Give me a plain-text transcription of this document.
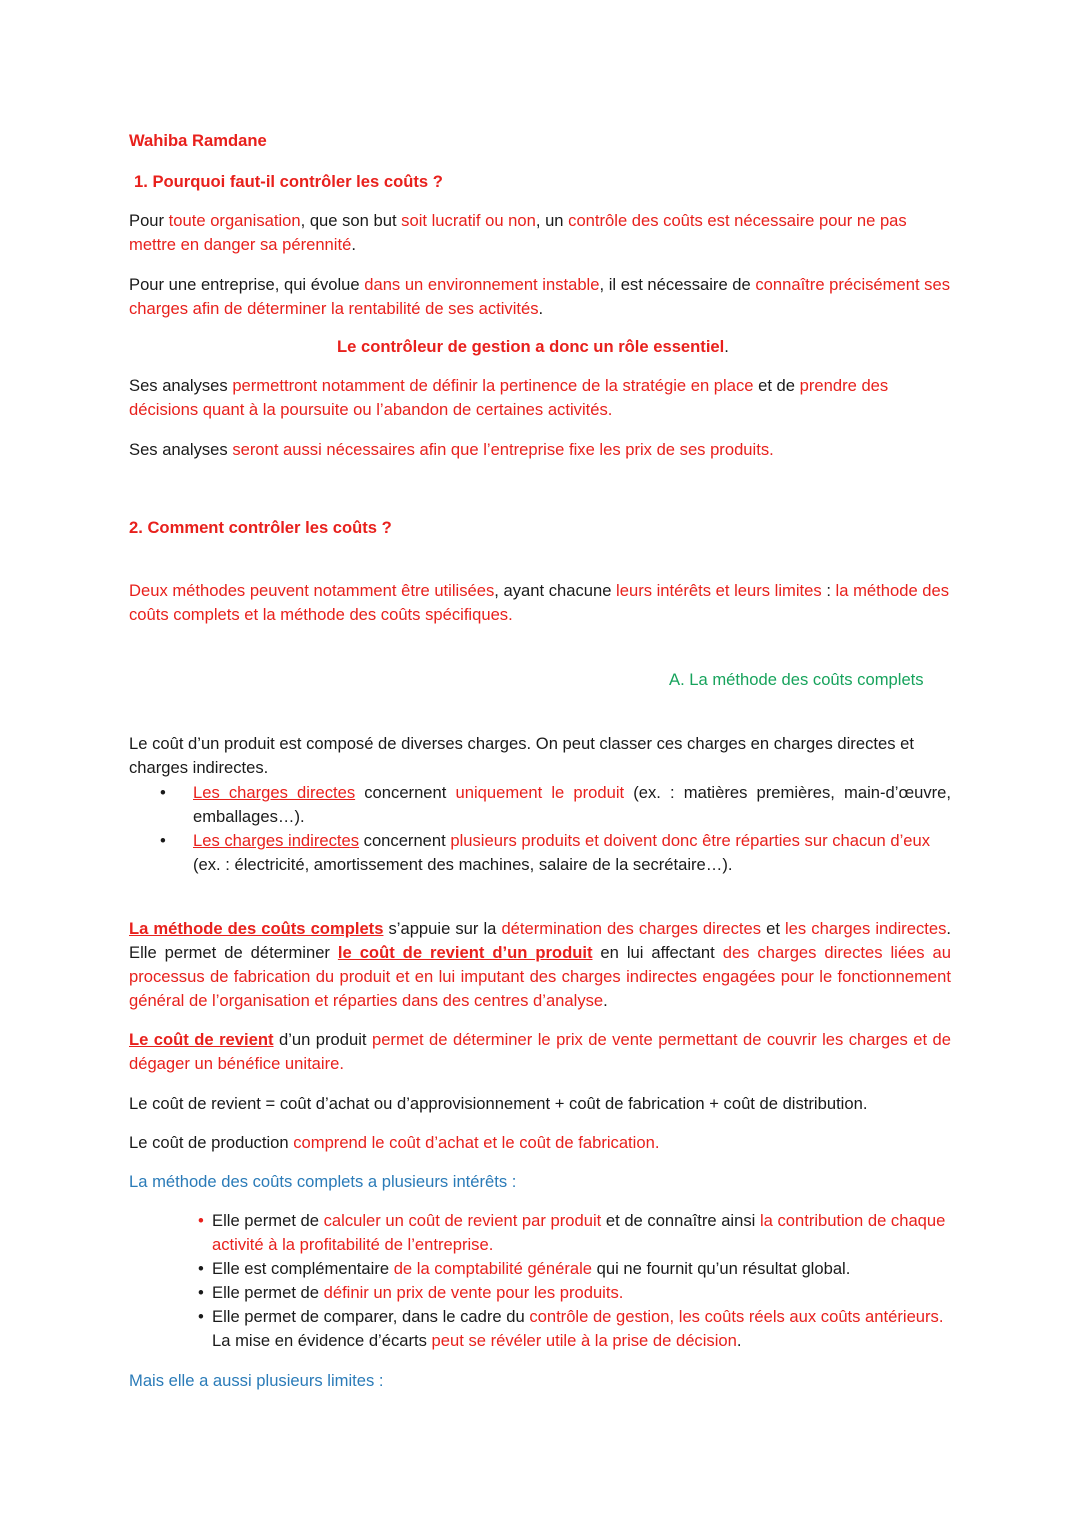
Wahiba Ramdane
1. Pourquoi faut-il contrôler les coûts ?
Pour toute organisation, que son but soit lucratif ou non, un contrôle des coûts est nécessaire pour ne pas mettre en danger sa pérennité.
Pour une entreprise, qui évolue dans un environnement instable, il est nécessaire de connaître précisément ses charges afin de déterminer la rentabilité de ses activités.
Le contrôleur de gestion a donc un rôle essentiel.
Ses analyses permettront notamment de définir la pertinence de la stratégie en place et de prendre des décisions quant à la poursuite ou l’abandon de certaines activités.
Ses analyses seront aussi nécessaires afin que l’entreprise fixe les prix de ses produits.
2. Comment contrôler les coûts ?
Deux méthodes peuvent notamment être utilisées, ayant chacune leurs intérêts et leurs limites : la méthode des coûts complets et la méthode des coûts spécifiques.
A. La méthode des coûts complets
Le coût d’un produit est composé de diverses charges. On peut classer ces charges en charges directes et charges indirectes.
• Les charges directes concernent uniquement le produit (ex. : matières premières, main-d’œuvre, emballages…).
• Les charges indirectes concernent plusieurs produits et doivent donc être réparties sur chacun d’eux (ex. : électricité, amortissement des machines, salaire de la secrétaire…).
La méthode des coûts complets s’appuie sur la détermination des charges directes et les charges indirectes. Elle permet de déterminer le coût de revient d’un produit en lui affectant des charges directes liées au processus de fabrication du produit et en lui imputant des charges indirectes engagées pour le fonctionnement général de l’organisation et réparties dans des centres d’analyse.
Le coût de revient d’un produit permet de déterminer le prix de vente permettant de couvrir les charges et de dégager un bénéfice unitaire.
Le coût de revient = coût d’achat ou d’approvisionnement + coût de fabrication + coût de distribution.
Le coût de production comprend le coût d’achat et le coût de fabrication.
La méthode des coûts complets a plusieurs intérêts :
• Elle permet de calculer un coût de revient par produit et de connaître ainsi la contribution de chaque activité à la profitabilité de l’entreprise.
• Elle est complémentaire de la comptabilité générale qui ne fournit qu’un résultat global.
• Elle permet de définir un prix de vente pour les produits.
• Elle permet de comparer, dans le cadre du contrôle de gestion, les coûts réels aux coûts antérieurs. La mise en évidence d’écarts peut se révéler utile à la prise de décision.
Mais elle a aussi plusieurs limites :
